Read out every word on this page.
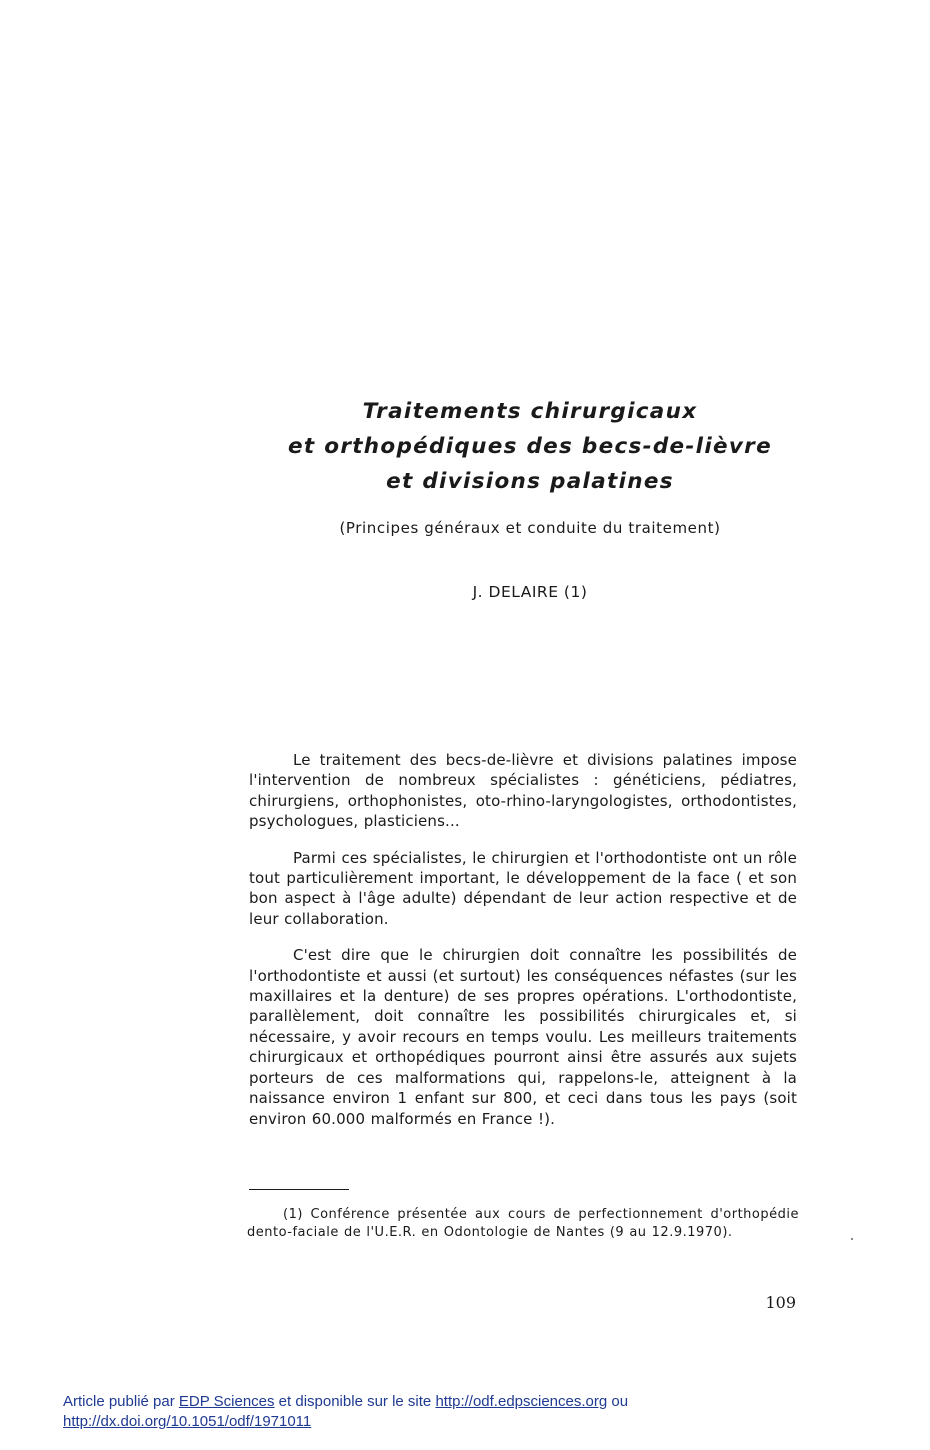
Traitements chirurgicaux
et orthopédiques des becs-de-lièvre
et divisions palatines
(Principes généraux et conduite du traitement)
J. DELAIRE (1)

Le traitement des becs-de-lièvre et divisions palatines impose l'intervention de nombreux spécialistes : généticiens, pédiatres, chirurgiens, orthophonistes, oto-rhino-laryngologistes, orthodontistes, psychologues, plasticiens...

Parmi ces spécialistes, le chirurgien et l'orthodontiste ont un rôle tout particulièrement important, le développement de la face ( et son bon aspect à l'âge adulte) dépendant de leur action respective et de leur collaboration.

C'est dire que le chirurgien doit connaître les possibilités de l'orthodontiste et aussi (et surtout) les conséquences néfastes (sur les maxillaires et la denture) de ses propres opérations. L'orthodontiste, parallèlement, doit connaître les possibilités chirurgicales et, si nécessaire, y avoir recours en temps voulu. Les meilleurs traitements chirurgicaux et orthopédiques pourront ainsi être assurés aux sujets porteurs de ces malformations qui, rappelons-le, atteignent à la naissance environ 1 enfant sur 800, et ceci dans tous les pays (soit environ 60.000 malformés en France !).

(1) Conférence présentée aux cours de perfectionnement d'orthopédie dento-faciale de l'U.E.R. en Odontologie de Nantes (9 au 12.9.1970).

109
Article publié par EDP Sciences et disponible sur le site http://odf.edpsciences.org ou
http://dx.doi.org/10.1051/odf/1971011
